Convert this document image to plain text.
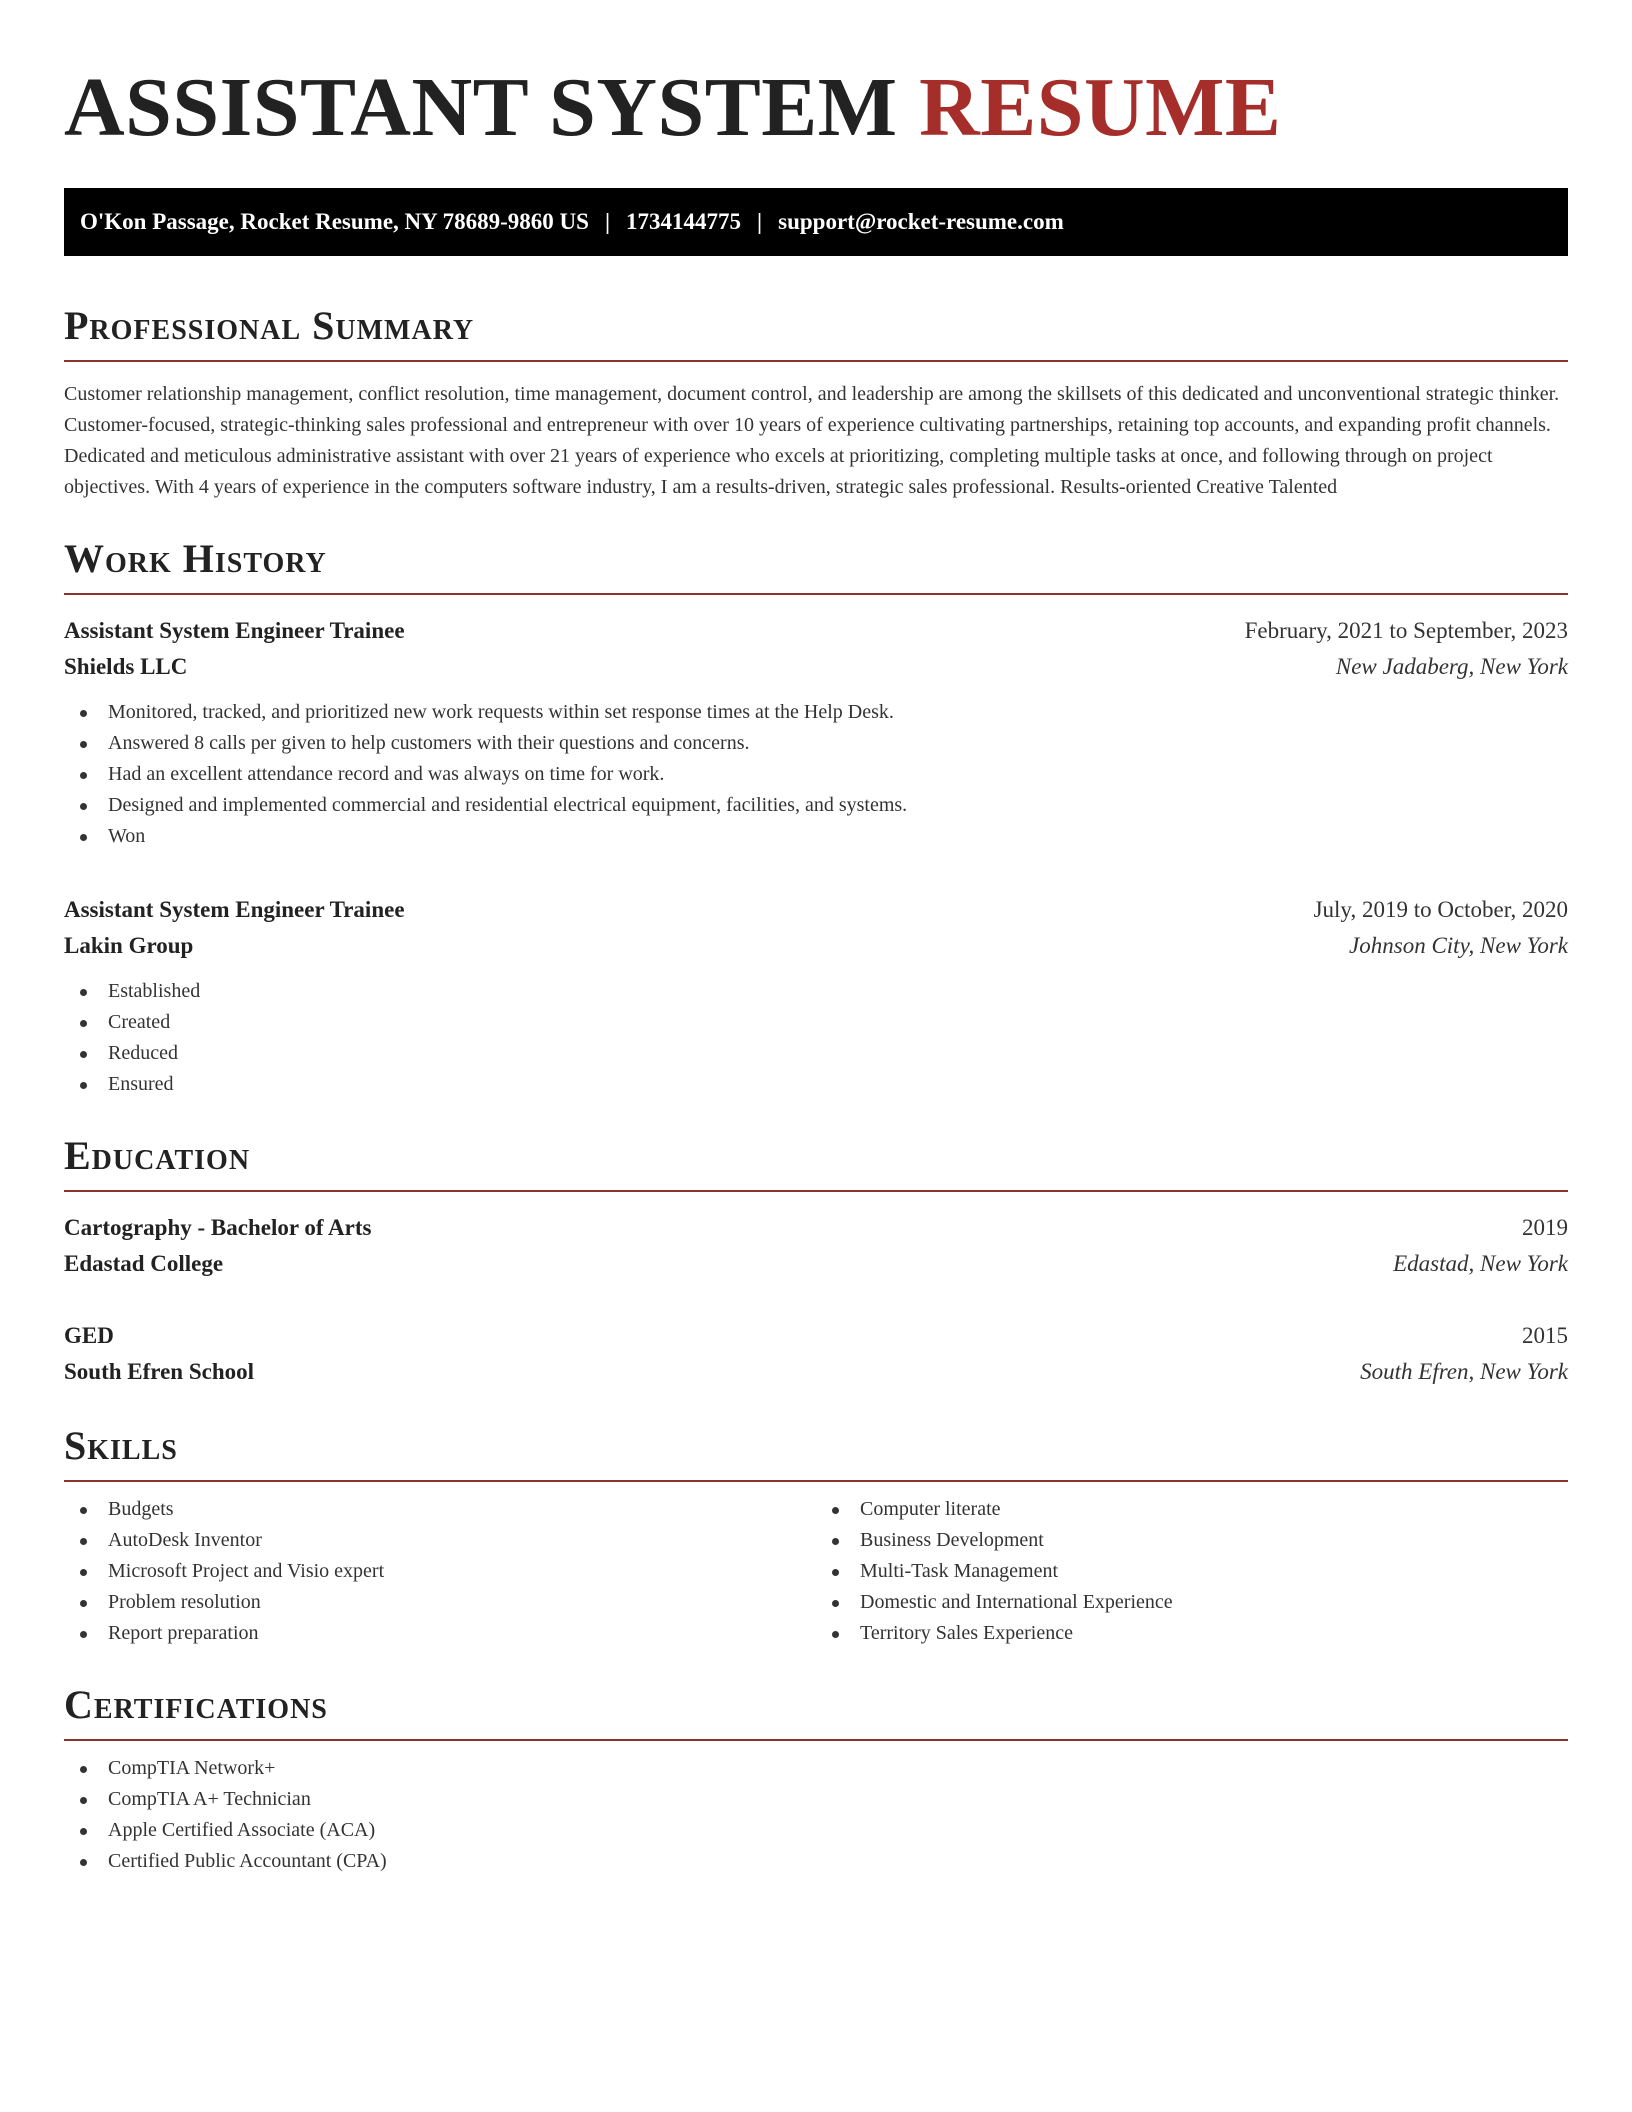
ASSISTANT SYSTEM RESUME
O'Kon Passage, Rocket Resume, NY 78689-9860 US | 1734144775 | support@rocket-resume.com
Professional Summary
Customer relationship management, conflict resolution, time management, document control, and leadership are among the skillsets of this dedicated and unconventional strategic thinker. Customer-focused, strategic-thinking sales professional and entrepreneur with over 10 years of experience cultivating partnerships, retaining top accounts, and expanding profit channels. Dedicated and meticulous administrative assistant with over 21 years of experience who excels at prioritizing, completing multiple tasks at once, and following through on project objectives. With 4 years of experience in the computers software industry, I am a results-driven, strategic sales professional. Results-oriented Creative Talented
Work History
Assistant System Engineer Trainee	February, 2021 to September, 2023
Shields LLC	New Jadaberg, New York
Monitored, tracked, and prioritized new work requests within set response times at the Help Desk.
Answered 8 calls per given to help customers with their questions and concerns.
Had an excellent attendance record and was always on time for work.
Designed and implemented commercial and residential electrical equipment, facilities, and systems.
Won
Assistant System Engineer Trainee	July, 2019 to October, 2020
Lakin Group	Johnson City, New York
Established
Created
Reduced
Ensured
Education
Cartography - Bachelor of Arts	2019
Edastad College	Edastad, New York
GED	2015
South Efren School	South Efren, New York
Skills
Budgets
AutoDesk Inventor
Microsoft Project and Visio expert
Problem resolution
Report preparation
Computer literate
Business Development
Multi-Task Management
Domestic and International Experience
Territory Sales Experience
Certifications
CompTIA Network+
CompTIA A+ Technician
Apple Certified Associate (ACA)
Certified Public Accountant (CPA)
